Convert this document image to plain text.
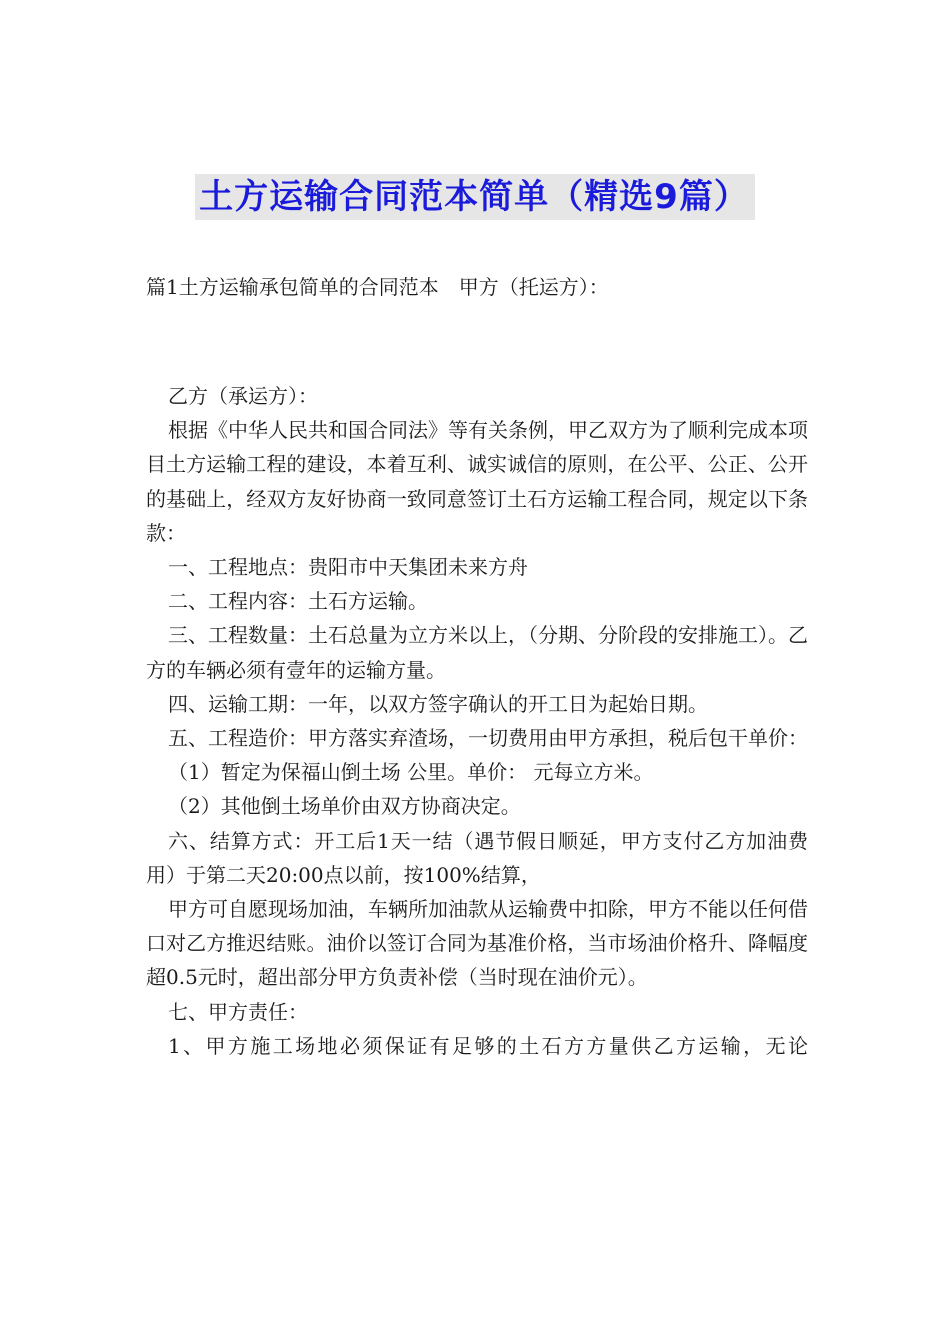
土方运输合同范本简单（精选9篇）
篇1土方运输承包简单的合同范本　甲方（托运方）：

乙方（承运方）：

根据《中华人民共和国合同法》等有关条例，甲乙双方为了顺利完成本项目土方运输工程的建设，本着互利、诚实诚信的原则，在公平、公正、公开的基础上，经双方友好协商一致同意签订土石方运输工程合同，规定以下条款：

一、工程地点：贵阳市中天集团未来方舟

二、工程内容：土石方运输。

三、工程数量：土石总量为立方米以上，（分期、分阶段的安排施工）。乙方的车辆必须有壹年的运输方量。

四、运输工期：一年，以双方签字确认的开工日为起始日期。

五、工程造价：甲方落实弃渣场，一切费用由甲方承担，税后包干单价：

（1）暂定为保福山倒土场 公里。单价： 元每立方米。

（2）其他倒土场单价由双方协商决定。

六、结算方式：开工后1天一结（遇节假日顺延，甲方支付乙方加油费用）于第二天20:00点以前，按100%结算，

甲方可自愿现场加油，车辆所加油款从运输费中扣除，甲方不能以任何借口对乙方推迟结账。油价以签订合同为基准价格，当市场油价格升、降幅度超0.5元时，超出部分甲方负责补偿（当时现在油价元）。

七、甲方责任：

1、甲方施工场地必须保证有足够的土石方方量供乙方运输，无论
